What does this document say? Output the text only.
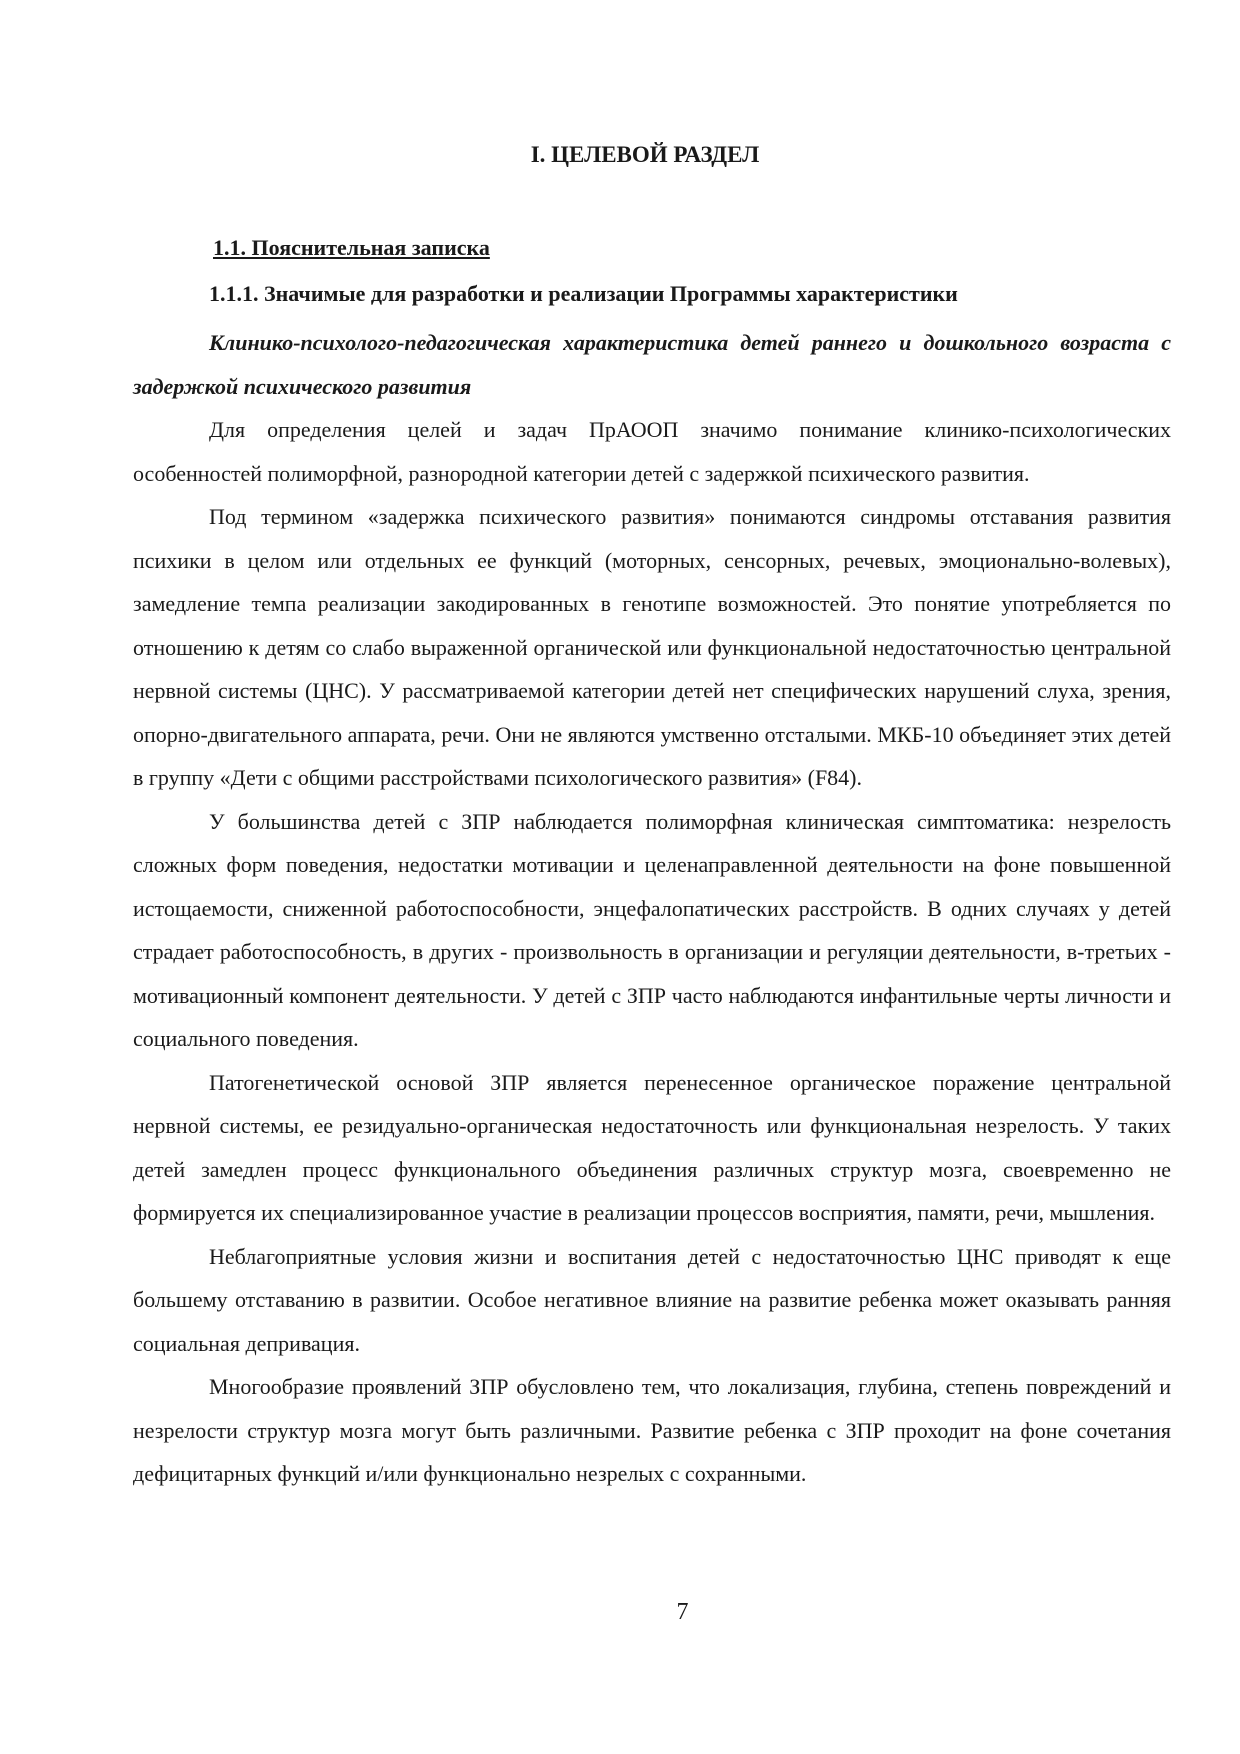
I. ЦЕЛЕВОЙ РАЗДЕЛ
1.1. Пояснительная записка
1.1.1. Значимые для разработки и реализации Программы характеристики

Клинико-психолого-педагогическая характеристика детей раннего и дошкольного возраста с задержкой психического развития

Для определения целей и задач ПрАООП значимо понимание клинико-психологических особенностей полиморфной, разнородной категории детей с задержкой психического развития.

Под термином «задержка психического развития» понимаются синдромы отставания развития психики в целом или отдельных ее функций (моторных, сенсорных, речевых, эмоционально-волевых), замедление темпа реализации закодированных в генотипе возможностей. Это понятие употребляется по отношению к детям со слабо выраженной органической или функциональной недостаточностью центральной нервной системы (ЦНС). У рассматриваемой категории детей нет специфических нарушений слуха, зрения, опорно-двигательного аппарата, речи. Они не являются умственно отсталыми. МКБ-10 объединяет этих детей в группу «Дети с общими расстройствами психологического развития» (F84).

У большинства детей с ЗПР наблюдается полиморфная клиническая симптоматика: незрелость сложных форм поведения, недостатки мотивации и целенаправленной деятельности на фоне повышенной истощаемости, сниженной работоспособности, энцефалопатических расстройств. В одних случаях у детей страдает работоспособность, в других - произвольность в организации и регуляции деятельности, в-третьих - мотивационный компонент деятельности. У детей с ЗПР часто наблюдаются инфантильные черты личности и социального поведения.

Патогенетической основой ЗПР является перенесенное органическое поражение центральной нервной системы, ее резидуально-органическая недостаточность или функциональная незрелость. У таких детей замедлен процесс функционального объединения различных структур мозга, своевременно не формируется их специализированное участие в реализации процессов восприятия, памяти, речи, мышления.

Неблагоприятные условия жизни и воспитания детей с недостаточностью ЦНС приводят к еще большему отставанию в развитии. Особое негативное влияние на развитие ребенка может оказывать ранняя социальная депривация.

Многообразие проявлений ЗПР обусловлено тем, что локализация, глубина, степень повреждений и незрелости структур мозга могут быть различными. Развитие ребенка с ЗПР проходит на фоне сочетания дефицитарных функций и/или функционально незрелых с сохранными.

7
